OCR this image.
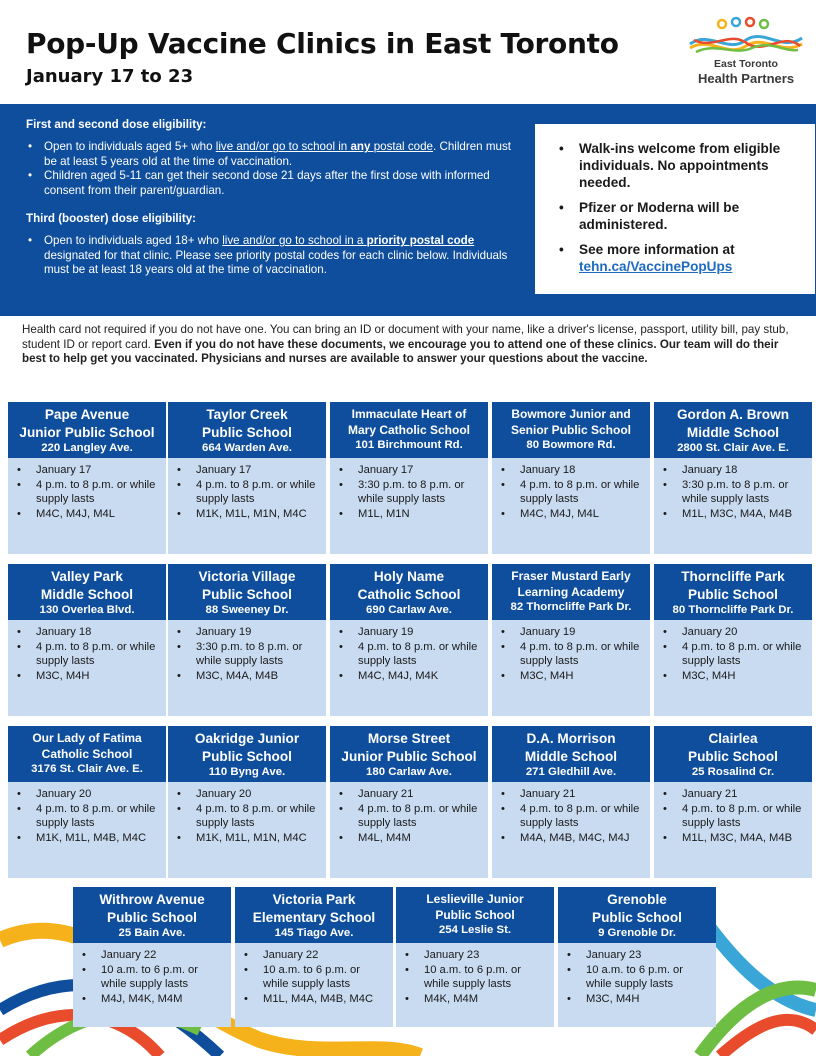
Pop-Up Vaccine Clinics in East Toronto
January 17 to 23
East Toronto
Health Partners
First and second dose eligibility:
• Open to individuals aged 5+ who live and/or go to school in any postal code. Children must be at least 5 years old at the time of vaccination.
• Children aged 5-11 can get their second dose 21 days after the first dose with informed consent from their parent/guardian.
Third (booster) dose eligibility:
• Open to individuals aged 18+ who live and/or go to school in a priority postal code designated for that clinic. Please see priority postal codes for each clinic below. Individuals must be at least 18 years old at the time of vaccination.
• Walk-ins welcome from eligible individuals. No appointments needed.
• Pfizer or Moderna will be administered.
• See more information at
tehn.ca/VaccinePopUps
Health card not required if you do not have one. You can bring an ID or document with your name, like a driver's license, passport, utility bill, pay stub, student ID or report card. Even if you do not have these documents, we encourage you to attend one of these clinics. Our team will do their best to help get you vaccinated. Physicians and nurses are available to answer your questions about the vaccine.
Pape Avenue
Junior Public School
220 Langley Ave.
• January 17
• 4 p.m. to 8 p.m. or while supply lasts
• M4C, M4J, M4L
Taylor Creek
Public School
664 Warden Ave.
• January 17
• 4 p.m. to 8 p.m. or while supply lasts
• M1K, M1L, M1N, M4C
Immaculate Heart of
Mary Catholic School
101 Birchmount Rd.
• January 17
• 3:30 p.m. to 8 p.m. or while supply lasts
• M1L, M1N
Bowmore Junior and
Senior Public School
80 Bowmore Rd.
• January 18
• 4 p.m. to 8 p.m. or while supply lasts
• M4C, M4J, M4L
Gordon A. Brown
Middle School
2800 St. Clair Ave. E.
• January 18
• 3:30 p.m. to 8 p.m. or while supply lasts
• M1L, M3C, M4A, M4B
Valley Park
Middle School
130 Overlea Blvd.
• January 18
• 4 p.m. to 8 p.m. or while supply lasts
• M3C, M4H
Victoria Village
Public School
88 Sweeney Dr.
• January 19
• 3:30 p.m. to 8 p.m. or while supply lasts
• M3C, M4A, M4B
Holy Name
Catholic School
690 Carlaw Ave.
• January 19
• 4 p.m. to 8 p.m. or while supply lasts
• M4C, M4J, M4K
Fraser Mustard Early
Learning Academy
82 Thorncliffe Park Dr.
• January 19
• 4 p.m. to 8 p.m. or while supply lasts
• M3C, M4H
Thorncliffe Park
Public School
80 Thorncliffe Park Dr.
• January 20
• 4 p.m. to 8 p.m. or while supply lasts
• M3C, M4H
Our Lady of Fatima
Catholic School
3176 St. Clair Ave. E.
• January 20
• 4 p.m. to 8 p.m. or while supply lasts
• M1K, M1L, M4B, M4C
Oakridge Junior
Public School
110 Byng Ave.
• January 20
• 4 p.m. to 8 p.m. or while supply lasts
• M1K, M1L, M1N, M4C
Morse Street
Junior Public School
180 Carlaw Ave.
• January 21
• 4 p.m. to 8 p.m. or while supply lasts
• M4L, M4M
D.A. Morrison
Middle School
271 Gledhill Ave.
• January 21
• 4 p.m. to 8 p.m. or while supply lasts
• M4A, M4B, M4C, M4J
Clairlea
Public School
25 Rosalind Cr.
• January 21
• 4 p.m. to 8 p.m. or while supply lasts
• M1L, M3C, M4A, M4B
Withrow Avenue
Public School
25 Bain Ave.
• January 22
• 10 a.m. to 6 p.m. or while supply lasts
• M4J, M4K, M4M
Victoria Park
Elementary School
145 Tiago Ave.
• January 22
• 10 a.m. to 6 p.m. or while supply lasts
• M1L, M4A, M4B, M4C
Leslieville Junior
Public School
254 Leslie St.
• January 23
• 10 a.m. to 6 p.m. or while supply lasts
• M4K, M4M
Grenoble
Public School
9 Grenoble Dr.
• January 23
• 10 a.m. to 6 p.m. or while supply lasts
• M3C, M4H
